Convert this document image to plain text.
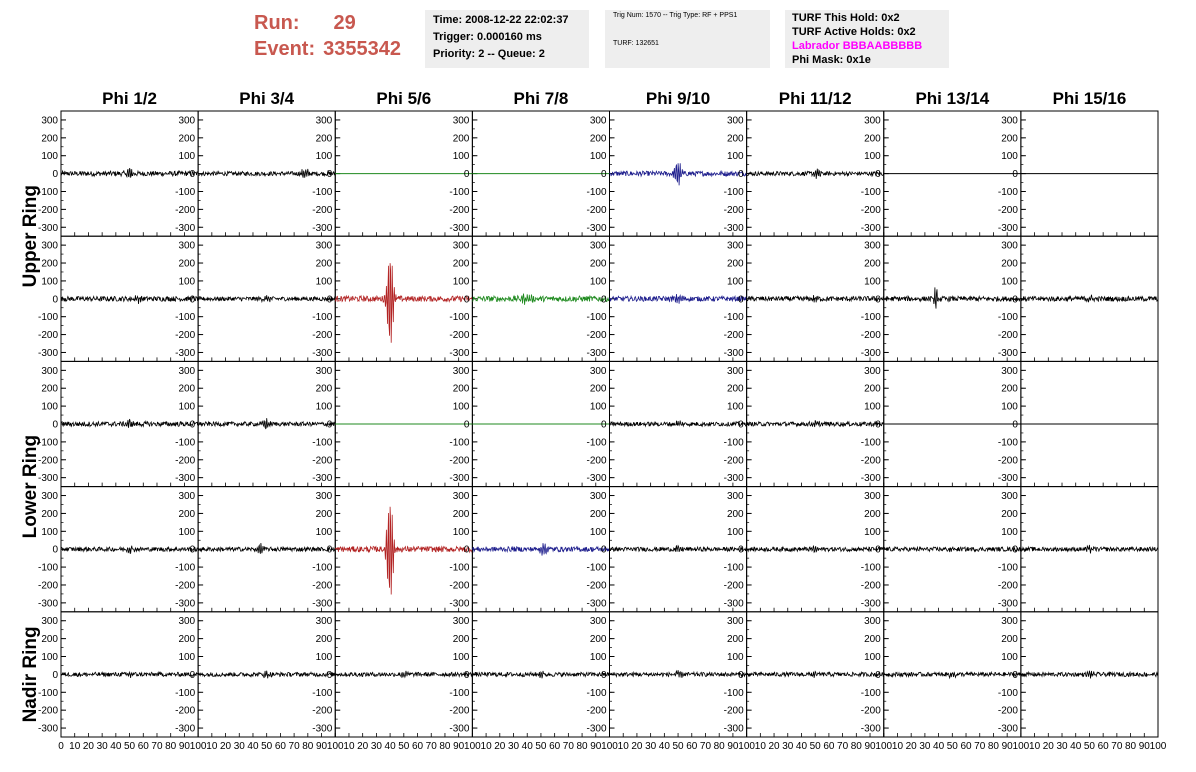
Run: 29
Event: 3355342
Time: 2008-12-22 22:02:37
Trigger: 0.000160 ms
Priority: 2 -- Queue: 2
Trig Num: 1570 -- Trig Type: RF + PPS1
TURF: 132651
TURF This Hold: 0x2
TURF Active Holds: 0x2
Labrador BBBAABBBBB
Phi Mask: 0x1e
Phi 1/2	Phi 3/4	Phi 5/6	Phi 7/8	Phi 9/10	Phi 11/12	Phi 13/14	Phi 15/16
Upper Ring
Lower Ring
Nadir Ring
-300
-200
-100
0
100
200
300
-300
-200
-100
0
100
200
300
-300
-200
-100
0
100
200
300
-300
-200
-100
0
100
200
300
-300
-200
-100
0
100
200
300
-300
-200
-100
0
100
200
300
-300
-200
-100
0
100
200
300
-300
-200
-100
0
100
200
300
-300
-200
-100
0
100
200
300
-300
-200
-100
0
100
200
300
-300
-200
-100
0
100
200
300
-300
-200
-100
0
100
200
300
-300
-200
-100
0
100
200
300
-300
-200
-100
0
100
200
300
-300
-200
-100
0
100
200
300
-300
-200
-100
0
100
200
300
-300
-200
-100
0
100
200
300
-300
-200
-100
0
100
200
300
-300
-200
-100
0
100
200
300
-300
-200
-100
0
100
200
300
-300
-200
-100
0
100
200
300
-300
-200
-100
0
100
200
300
-300
-200
-100
0
100
200
300
-300
-200
-100
0
100
200
300
-300
-200
-100
0
100
200
300
-300
-200
-100
0
100
200
300
-300
-200
-100
0
100
200
300
-300
-200
-100
0
100
200
300
-300
-200
-100
0
100
200
300
-300
-200
-100
0
100
200
300
-300
-200
-100
0
100
200
300
-300
-200
-100
0
100
200
300
-300
-200
-100
0
100
200
300
-300
-200
-100
0
100
200
300
-300
-200
-100
0
100
200
300
-300
-200
-100
0
100
200
300
-300
-200
-100
0
100
200
300
-300
-200
-100
0
100
200
300
-300
-200
-100
0
100
200
300
-300
-200
-100
0
100
200
300
0 10 20 30 40 50 60 70 80 90 100 10 20 30 40 50 60 70 80 90 100 10 20 30 40 50 60 70 80 90 100 10 20 30 40 50 60 70 80 90 100 10 20 30 40 50 60 70 80 90 100 10 20 30 40 50 60 70 80 90 100 10 20 30 40 50 60 70 80 90 100 10 20 30 40 50 60 70 80 90 100
